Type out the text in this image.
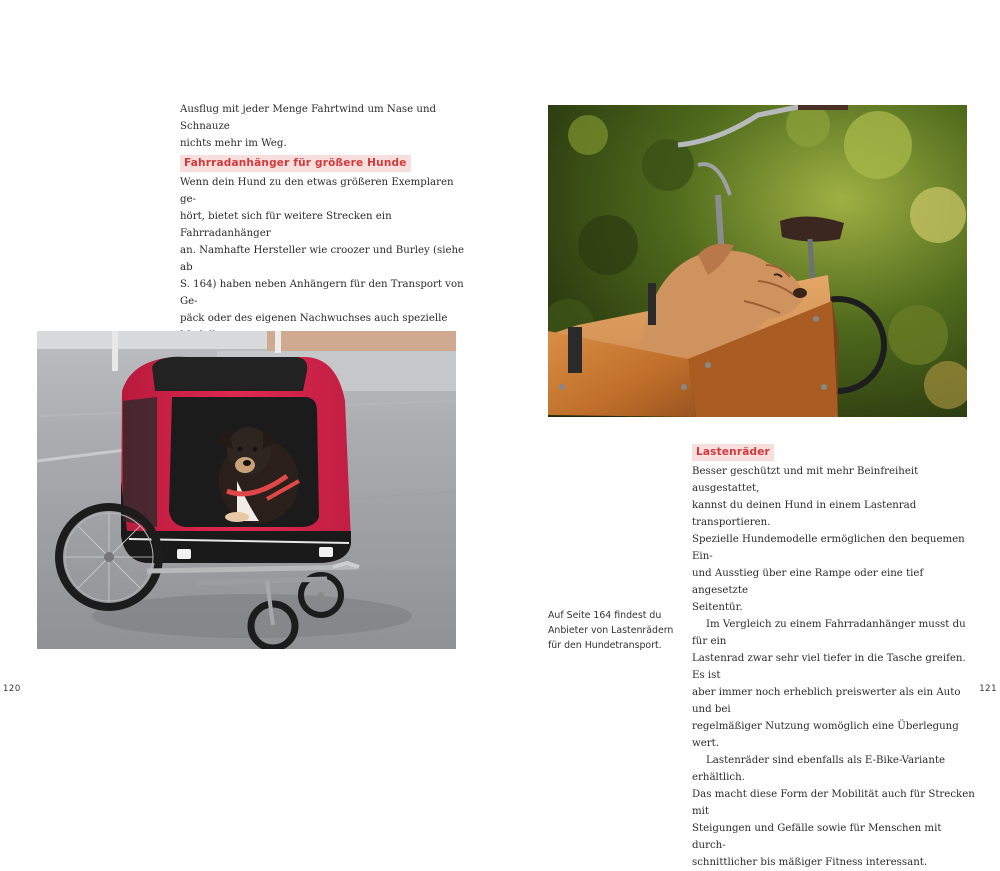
Ausflug mit jeder Menge Fahrtwind um Nase und Schnauze

nichts mehr im Weg.

Fahrradanhänger für größere Hunde

Wenn dein Hund zu den etwas größeren Exemplaren ge-

hört, bietet sich für weitere Strecken ein Fahrradanhänger

an. Namhafte Hersteller wie croozer und Burley (siehe ab

S. 164) haben neben Anhängern für den Transport von Ge-

päck oder des eigenen Nachwuchses auch spezielle

120
Lastenräder

Besser geschützt und mit mehr Beinfreiheit ausgestattet,

kannst du deinen Hund in einem Lastenrad transportieren.

Spezielle Hundemodelle ermöglichen den bequemen Ein-

und Ausstieg über eine Rampe oder eine tief angesetzte

Seitentür.

Im Vergleich zu einem Fahrradanhänger musst du für ein

Lastenrad zwar sehr viel tiefer in die Tasche greifen. Es ist

aber immer noch erheblich preiswerter als ein Auto und bei

regelmäßiger Nutzung womöglich eine Überlegung wert.

Lastenräder sind ebenfalls als E-Bike-Variante erhältlich.

Das macht diese Form der Mobilität auch für Strecken mit

Steigungen und Gefälle sowie für Menschen mit durch-

schnittlicher bis mäßiger Fitness interessant.

Auf Seite 164 findest du
Anbieter von Lastenrädern
für den Hundetransport.
121
